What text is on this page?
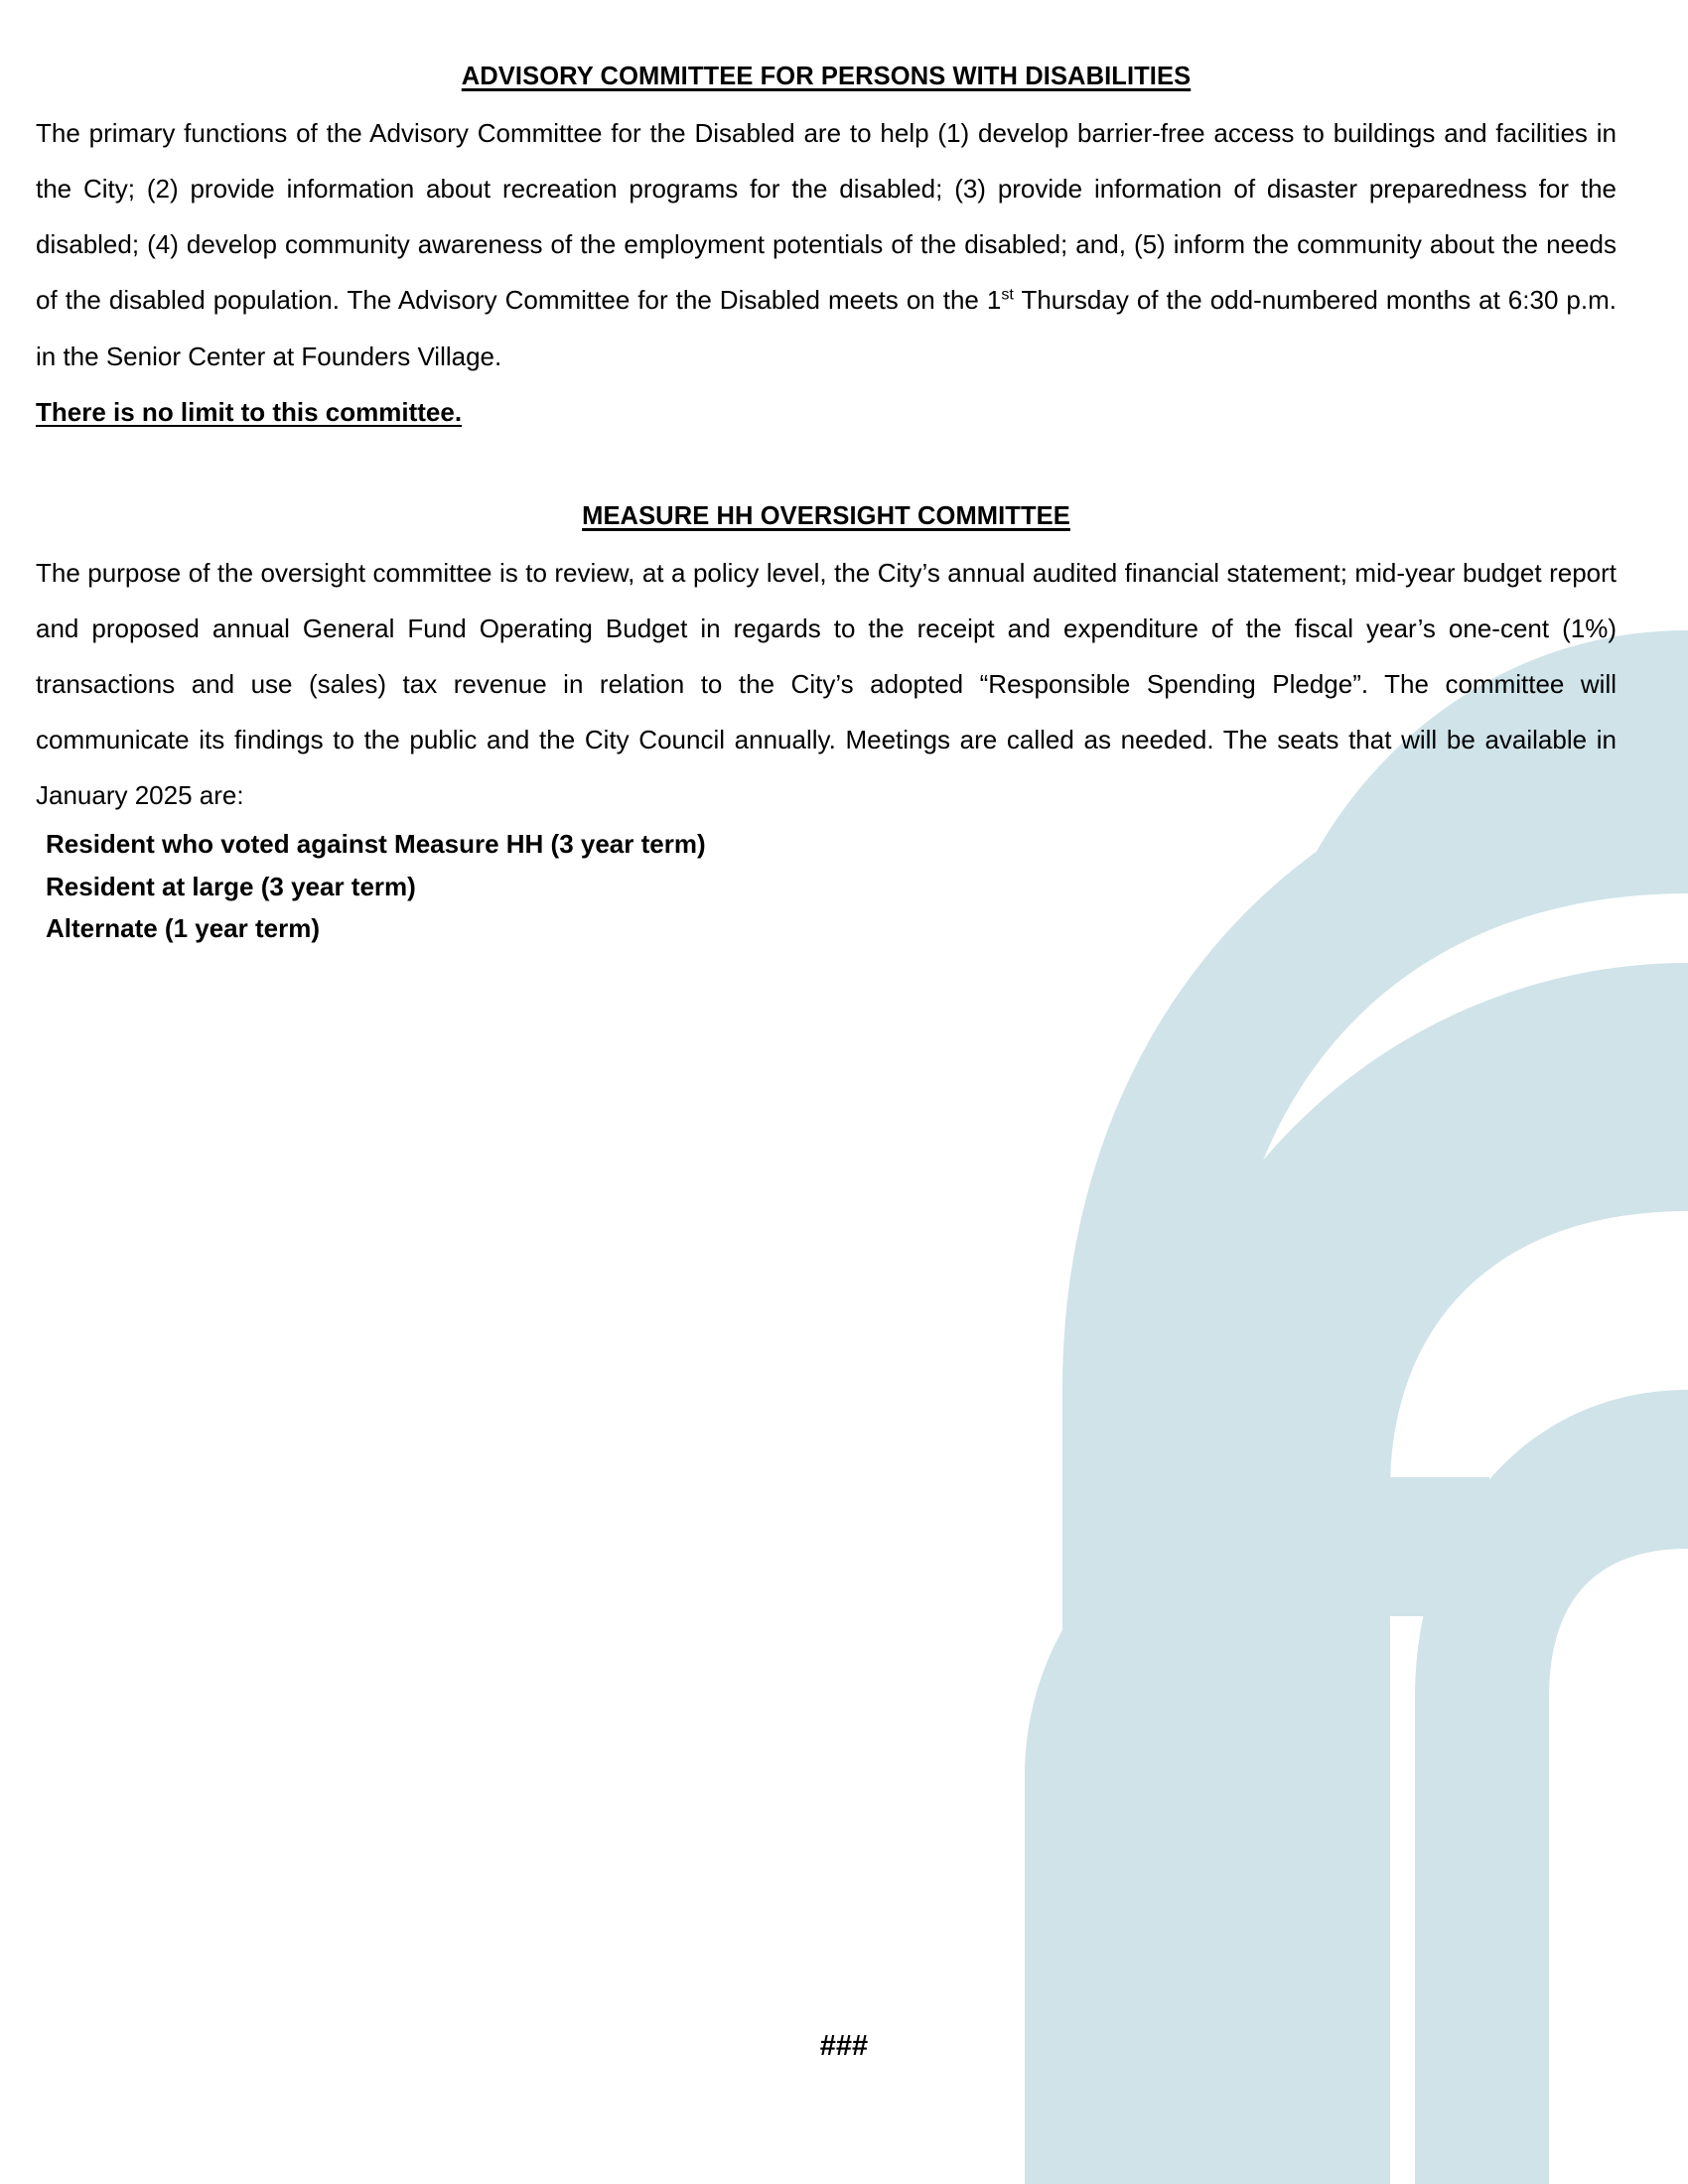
ADVISORY COMMITTEE FOR PERSONS WITH DISABILITIES

The primary functions of the Advisory Committee for the Disabled are to help (1) develop barrier-free access to buildings and facilities in the City; (2) provide information about recreation programs for the disabled; (3) provide information of disaster preparedness for the disabled; (4) develop community awareness of the employment potentials of the disabled; and, (5) inform the community about the needs of the disabled population. The Advisory Committee for the Disabled meets on the 1st Thursday of the odd-numbered months at 6:30 p.m. in the Senior Center at Founders Village.

There is no limit to this committee.
MEASURE HH OVERSIGHT COMMITTEE

The purpose of the oversight committee is to review, at a policy level, the City’s annual audited financial statement; mid-year budget report and proposed annual General Fund Operating Budget in regards to the receipt and expenditure of the fiscal year’s one-cent (1%) transactions and use (sales) tax revenue in relation to the City’s adopted “Responsible Spending Pledge”. The committee will communicate its findings to the public and the City Council annually. Meetings are called as needed. The seats that will be available in January 2025 are:

Resident who voted against Measure HH (3 year term)
Resident at large (3 year term)
Alternate (1 year term)
###
